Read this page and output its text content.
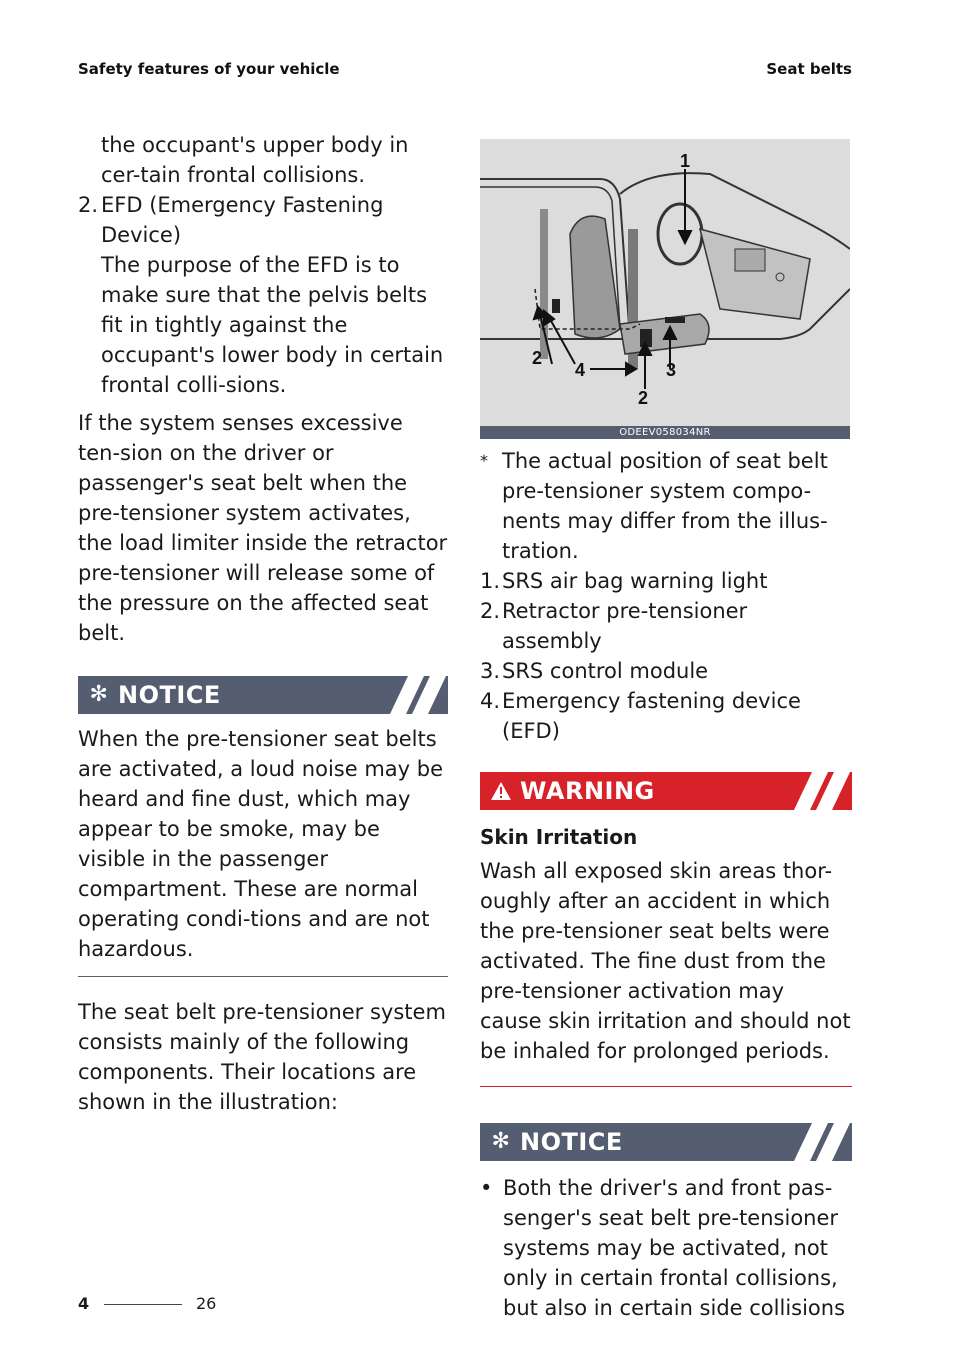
Safety features of your vehicle	Seat belts

the occupant's upper body in cer-tain frontal collisions.

2. EFD (Emergency Fastening Device)
The purpose of the EFD is to make sure that the pelvis belts fit in tightly against the occupant's lower body in certain frontal colli-sions.

If the system senses excessive ten-sion on the driver or passenger's seat belt when the pre-tensioner system activates, the load limiter inside the retractor pre-tensioner will release some of the pressure on the affected seat belt.

✻ NOTICE

When the pre-tensioner seat belts are activated, a loud noise may be heard and fine dust, which may appear to be smoke, may be visible in the passenger compartment. These are normal operating condi-tions and are not hazardous.

The seat belt pre-tensioner system consists mainly of the following components. Their locations are shown in the illustration:

1
2
4	3
2
ODEEV058034NR
* The actual position of seat belt pre-tensioner system compo-nents may differ from the illus-tration.
1. SRS air bag warning light
2. Retractor pre-tensioner assembly
3. SRS control module
4. Emergency fastening device (EFD)
WARNING

Skin Irritation

Wash all exposed skin areas thor-oughly after an accident in which the pre-tensioner seat belts were activated. The fine dust from the pre-tensioner activation may cause skin irritation and should not be inhaled for prolonged periods.

✻ NOTICE
• Both the driver's and front pas-senger's seat belt pre-tensioner systems may be activated, not only in certain frontal collisions, but also in certain side collisions
4	26
